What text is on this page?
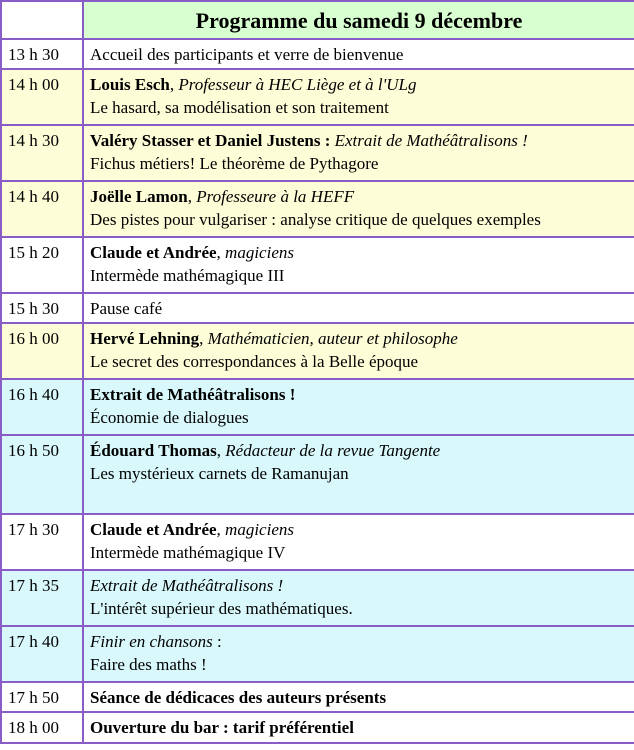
	Programme du samedi 9 décembre
13 h 30	Accueil des participants et verre de bienvenue

14 h 00	Louis Esch, Professeur à HEC Liège et à l'ULg
Le hasard, sa modélisation et son traitement

14 h 30	Valéry Stasser et Daniel Justens : Extrait de Mathéâtralisons !
Fichus métiers! Le théorème de Pythagore

14 h 40	Joëlle Lamon, Professeure à la HEFF
Des pistes pour vulgariser : analyse critique de quelques exemples

15 h 20	Claude et Andrée, magiciens
Intermède mathémagique III

15 h 30	Pause café

16 h 00	Hervé Lehning, Mathématicien, auteur et philosophe
Le secret des correspondances à la Belle époque

16 h 40	Extrait de Mathéâtralisons !
Économie de dialogues

16 h 50	Édouard Thomas, Rédacteur de la revue Tangente
Les mystérieux carnets de Ramanujan

17 h 30	Claude et Andrée, magiciens
Intermède mathémagique IV

17 h 35	Extrait de Mathéâtralisons !
L'intérêt supérieur des mathématiques.

17 h 40	Finir en chansons :
Faire des maths !

17 h 50	Séance de dédicaces des auteurs présents
18 h 00	Ouverture du bar : tarif préférentiel
